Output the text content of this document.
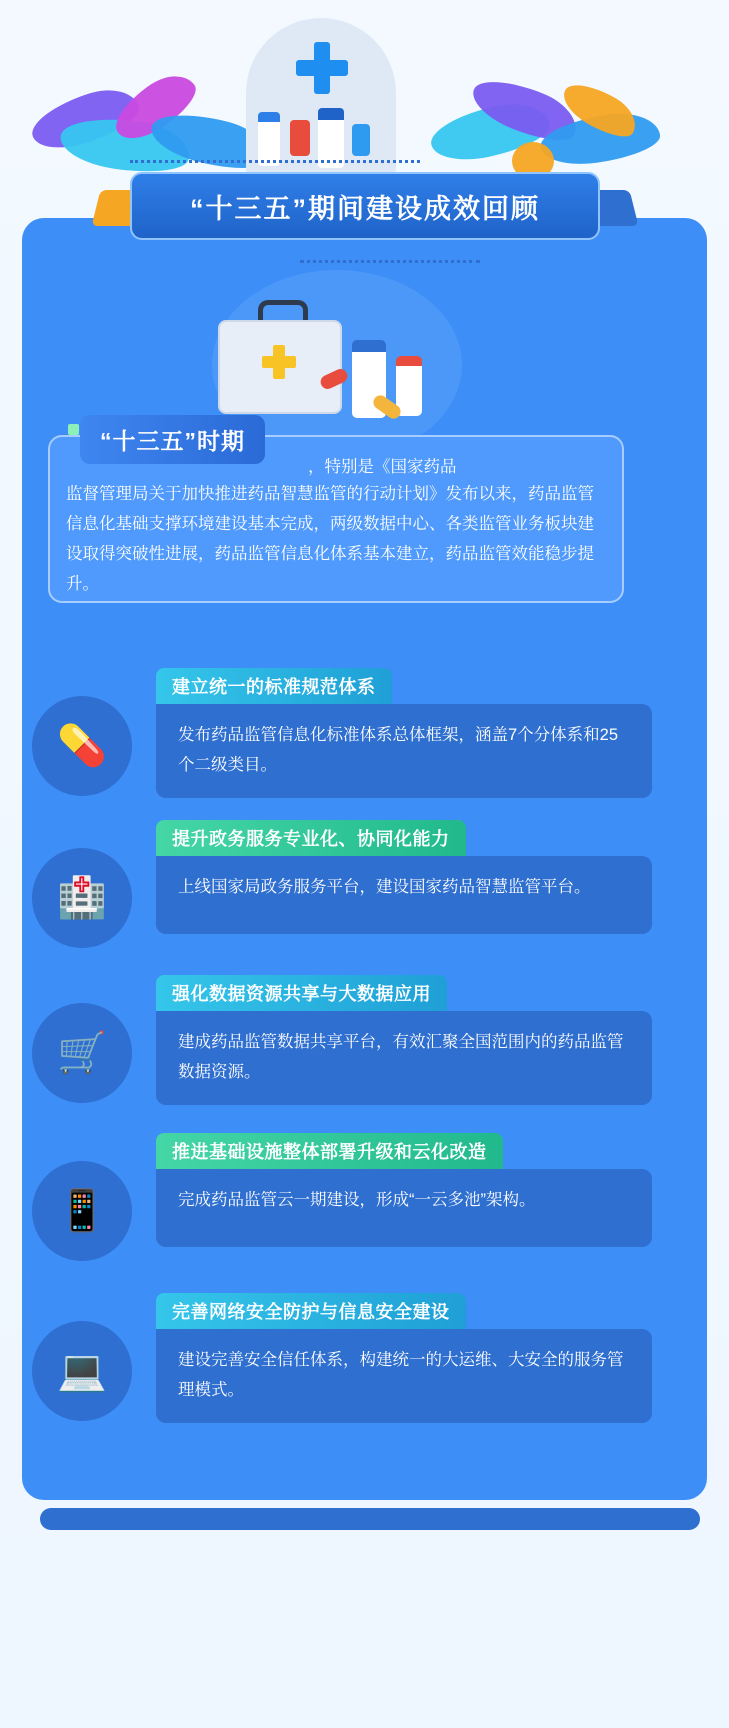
“十三五”期间建设成效回顾
“十三五”时期
，特别是《国家药品
监督管理局关于加快推进药品智慧监管的行动计划》发布以来，药品监管信息化基础支撑环境建设基本完成，两级数据中心、各类监管业务板块建设取得突破性进展，药品监管信息化体系基本建立，药品监管效能稳步提升。
💊
建立统一的标准规范体系
发布药品监管信息化标准体系总体框架，涵盖7个分体系和25个二级类目。
🏥
提升政务服务专业化、协同化能力
上线国家局政务服务平台，建设国家药品智慧监管平台。
🛒
强化数据资源共享与大数据应用
建成药品监管数据共享平台，有效汇聚全国范围内的药品监管数据资源。
📱
推进基础设施整体部署升级和云化改造
完成药品监管云一期建设，形成“一云多池”架构。
💻
完善网络安全防护与信息安全建设
建设完善安全信任体系，构建统一的大运维、大安全的服务管理模式。
